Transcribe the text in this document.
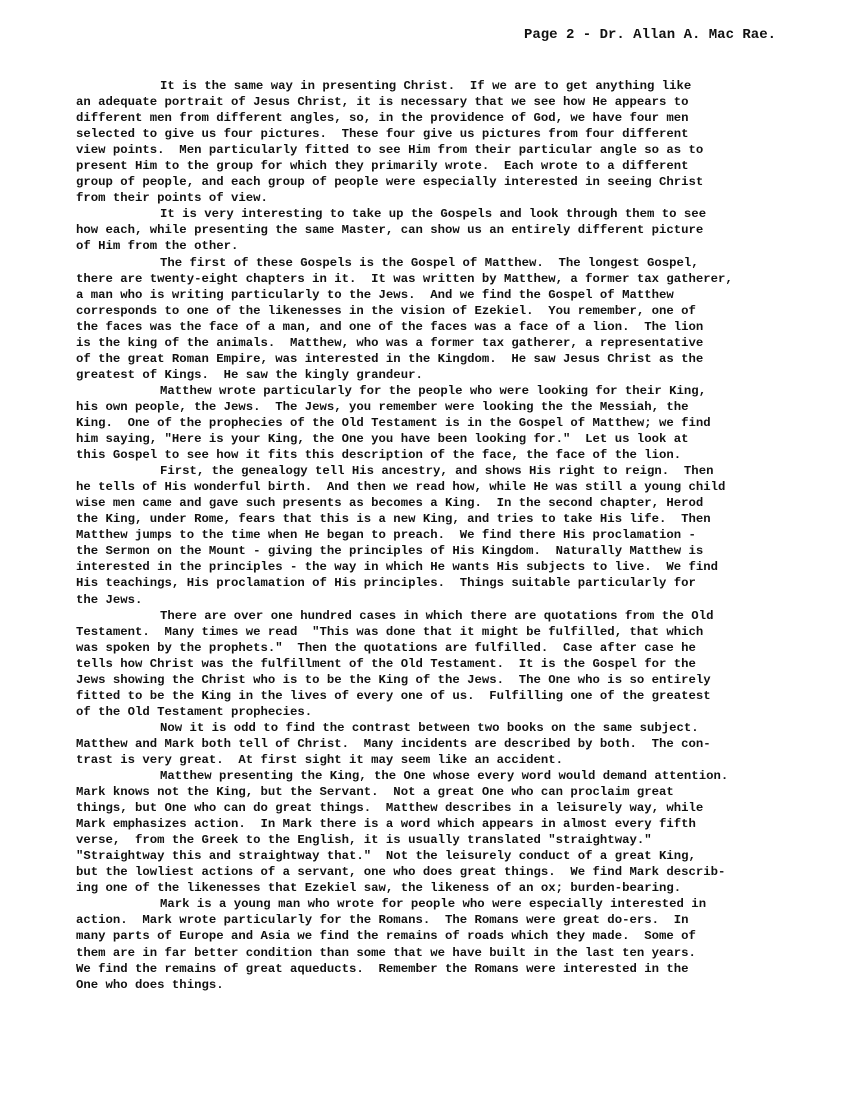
Page 2 - Dr. Allan A. Mac Rae.
It is the same way in presenting Christ.  If we are to get anything like
an adequate portrait of Jesus Christ, it is necessary that we see how He appears to
different men from different angles, so, in the providence of God, we have four men
selected to give us four pictures.  These four give us pictures from four different
view points.  Men particularly fitted to see Him from their particular angle so as to
present Him to the group for which they primarily wrote.  Each wrote to a different
group of people, and each group of people were especially interested in seeing Christ
from their points of view.
It is very interesting to take up the Gospels and look through them to see
how each, while presenting the same Master, can show us an entirely different picture
of Him from the other.
The first of these Gospels is the Gospel of Matthew.  The longest Gospel,
there are twenty-eight chapters in it.  It was written by Matthew, a former tax gatherer,
a man who is writing particularly to the Jews.  And we find the Gospel of Matthew
corresponds to one of the likenesses in the vision of Ezekiel.  You remember, one of
the faces was the face of a man, and one of the faces was a face of a lion.  The lion
is the king of the animals.  Matthew, who was a former tax gatherer, a representative
of the great Roman Empire, was interested in the Kingdom.  He saw Jesus Christ as the
greatest of Kings.  He saw the kingly grandeur.
Matthew wrote particularly for the people who were looking for their King,
his own people, the Jews.  The Jews, you remember were looking the the Messiah, the
King.  One of the prophecies of the Old Testament is in the Gospel of Matthew; we find
him saying, "Here is your King, the One you have been looking for."  Let us look at
this Gospel to see how it fits this description of the face, the face of the lion.
First, the genealogy tell His ancestry, and shows His right to reign.  Then
he tells of His wonderful birth.  And then we read how, while He was still a young child
wise men came and gave such presents as becomes a King.  In the second chapter, Herod
the King, under Rome, fears that this is a new King, and tries to take His life.  Then
Matthew jumps to the time when He began to preach.  We find there His proclamation -
the Sermon on the Mount - giving the principles of His Kingdom.  Naturally Matthew is
interested in the principles - the way in which He wants His subjects to live.  We find
His teachings, His proclamation of His principles.  Things suitable particularly for
the Jews.
There are over one hundred cases in which there are quotations from the Old
Testament.  Many times we read  "This was done that it might be fulfilled, that which
was spoken by the prophets."  Then the quotations are fulfilled.  Case after case he
tells how Christ was the fulfillment of the Old Testament.  It is the Gospel for the
Jews showing the Christ who is to be the King of the Jews.  The One who is so entirely
fitted to be the King in the lives of every one of us.  Fulfilling one of the greatest
of the Old Testament prophecies.
Now it is odd to find the contrast between two books on the same subject.
Matthew and Mark both tell of Christ.  Many incidents are described by both.  The con-
trast is very great.  At first sight it may seem like an accident.
Matthew presenting the King, the One whose every word would demand attention.
Mark knows not the King, but the Servant.  Not a great One who can proclaim great
things, but One who can do great things.  Matthew describes in a leisurely way, while
Mark emphasizes action.  In Mark there is a word which appears in almost every fifth
verse,  from the Greek to the English, it is usually translated "straightway."
"Straightway this and straightway that."  Not the leisurely conduct of a great King,
but the lowliest actions of a servant, one who does great things.  We find Mark describ-
ing one of the likenesses that Ezekiel saw, the likeness of an ox; burden-bearing.
Mark is a young man who wrote for people who were especially interested in
action.  Mark wrote particularly for the Romans.  The Romans were great do-ers.  In
many parts of Europe and Asia we find the remains of roads which they made.  Some of
them are in far better condition than some that we have built in the last ten years.
We find the remains of great aqueducts.  Remember the Romans were interested in the
One who does things.
